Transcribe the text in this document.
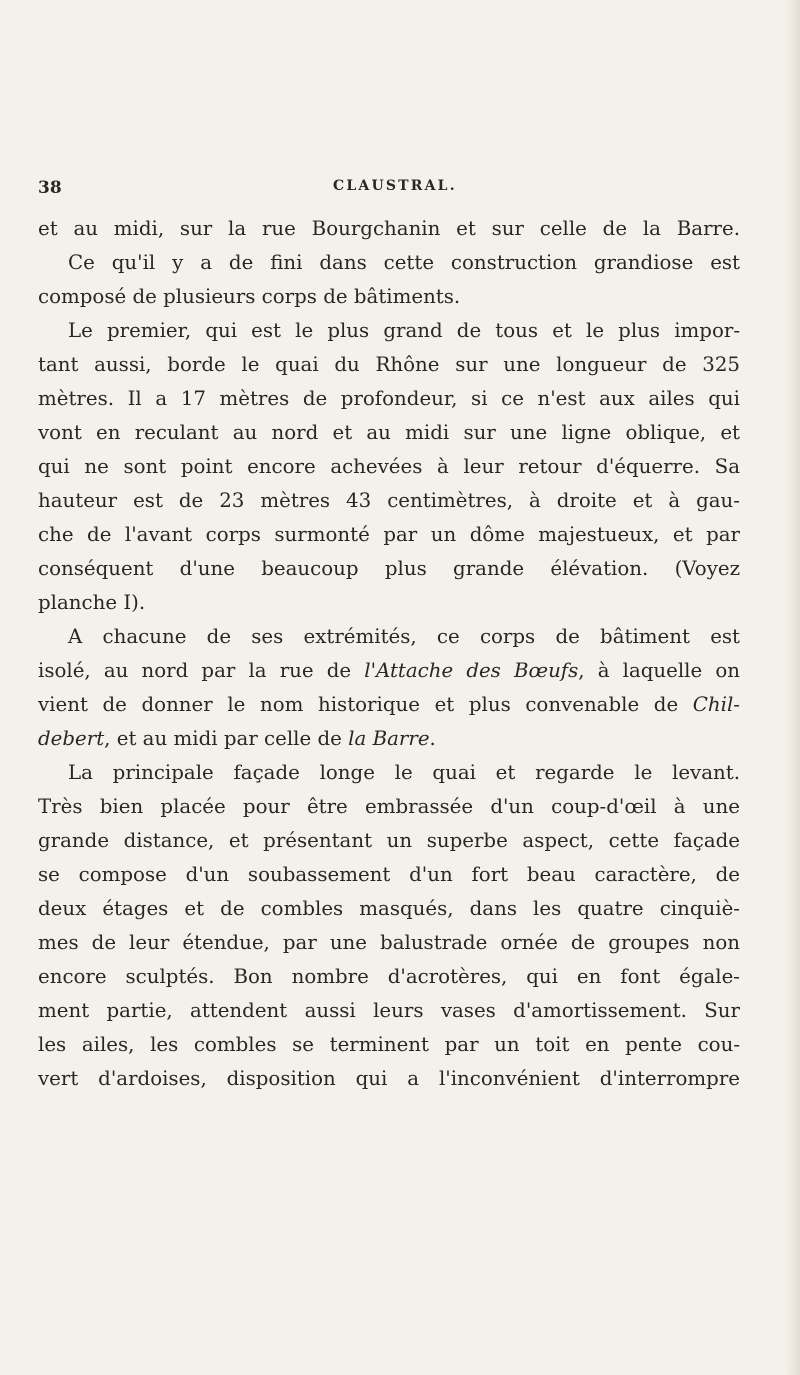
38	CLAUSTRAL.
et au midi, sur la rue Bourgchanin et sur celle de la Barre.
Ce qu'il y a de fini dans cette construction grandiose est
composé de plusieurs corps de bâtiments.
Le premier, qui est le plus grand de tous et le plus impor-
tant aussi, borde le quai du Rhône sur une longueur de 325
mètres. Il a 17 mètres de profondeur, si ce n'est aux ailes qui
vont en reculant au nord et au midi sur une ligne oblique, et
qui ne sont point encore achevées à leur retour d'équerre. Sa
hauteur est de 23 mètres 43 centimètres, à droite et à gau-
che de l'avant corps surmonté par un dôme majestueux, et par
conséquent d'une beaucoup plus grande élévation. (Voyez
planche I).
A chacune de ses extrémités, ce corps de bâtiment est
isolé, au nord par la rue de l'Attache des Bœufs, à laquelle on
vient de donner le nom historique et plus convenable de Chil-
debert, et au midi par celle de la Barre.
La principale façade longe le quai et regarde le levant.
Très bien placée pour être embrassée d'un coup-d'œil à une
grande distance, et présentant un superbe aspect, cette façade
se compose d'un soubassement d'un fort beau caractère, de
deux étages et de combles masqués, dans les quatre cinquiè-
mes de leur étendue, par une balustrade ornée de groupes non
encore sculptés. Bon nombre d'acrotères, qui en font égale-
ment partie, attendent aussi leurs vases d'amortissement. Sur
les ailes, les combles se terminent par un toit en pente cou-
vert d'ardoises, disposition qui a l'inconvénient d'interrompre
